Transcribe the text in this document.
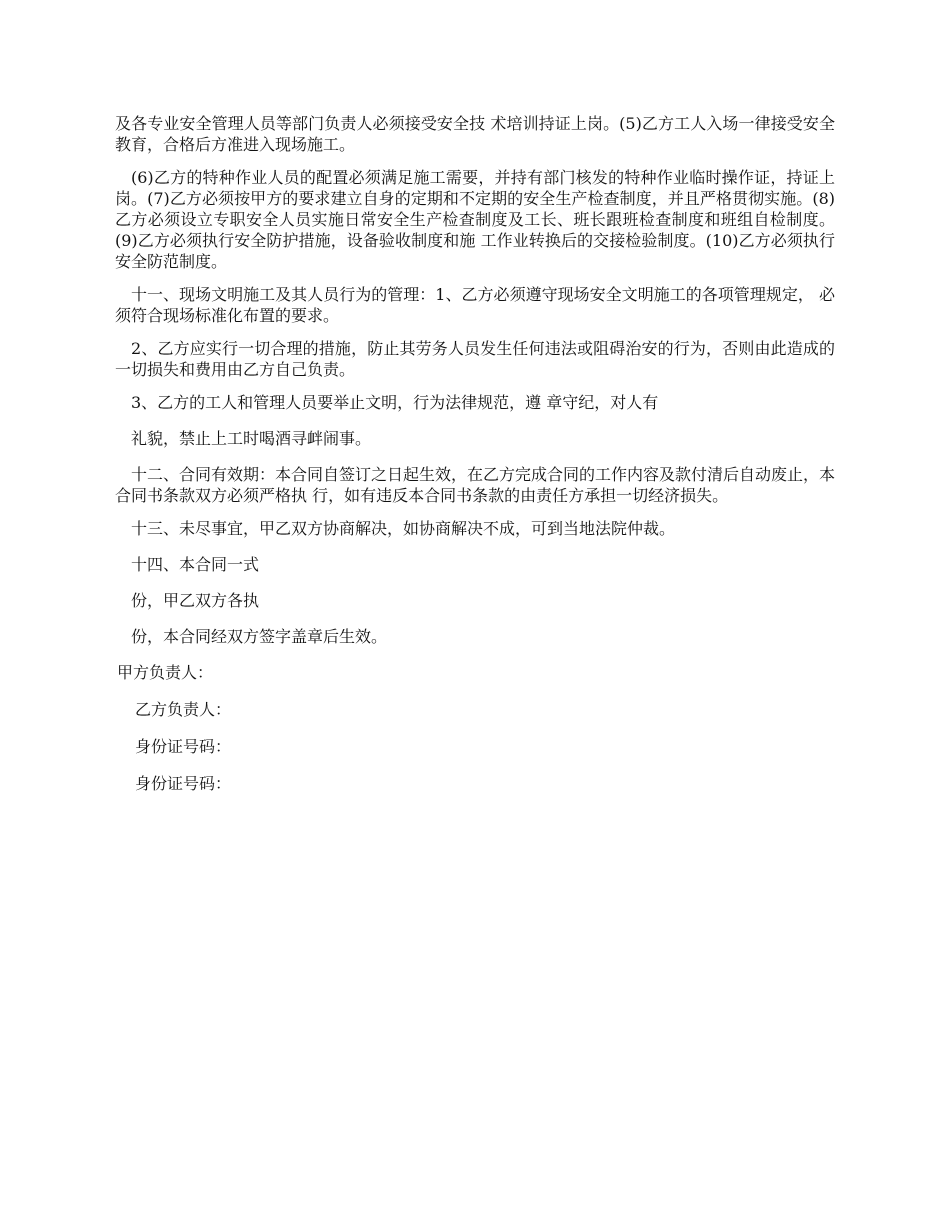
及各专业安全管理人员等部门负责人必须接受安全技 术培训持证上岗。(5)乙方工人入场一律接受安全教育，合格后方准进入现场施工。

(6)乙方的特种作业人员的配置必须满足施工需要，并持有部门核发的特种作业临时操作证，持证上岗。(7)乙方必须按甲方的要求建立自身的定期和不定期的安全生产检查制度，并且严格贯彻实施。(8)乙方必须设立专职安全人员实施日常安全生产检查制度及工长、班长跟班检查制度和班组自检制度。(9)乙方必须执行安全防护措施，设备验收制度和施 工作业转换后的交接检验制度。(10)乙方必须执行安全防范制度。

十一、现场文明施工及其人员行为的管理：1、乙方必须遵守现场安全文明施工的各项管理规定， 必须符合现场标准化布置的要求。

2、乙方应实行一切合理的措施，防止其劳务人员发生任何违法或阻碍治安的行为，否则由此造成的一切损失和费用由乙方自己负责。

3、乙方的工人和管理人员要举止文明，行为法律规范，遵 章守纪，对人有

礼貌，禁止上工时喝酒寻衅闹事。

十二、合同有效期：本合同自签订之日起生效，在乙方完成合同的工作内容及款付清后自动废止，本合同书条款双方必须严格执 行，如有违反本合同书条款的由责任方承担一切经济损失。

十三、未尽事宜，甲乙双方协商解决，如协商解决不成，可到当地法院仲裁。

十四、本合同一式

份，甲乙双方各执

份，本合同经双方签字盖章后生效。

甲方负责人：

乙方负责人：

身份证号码：

身份证号码：
